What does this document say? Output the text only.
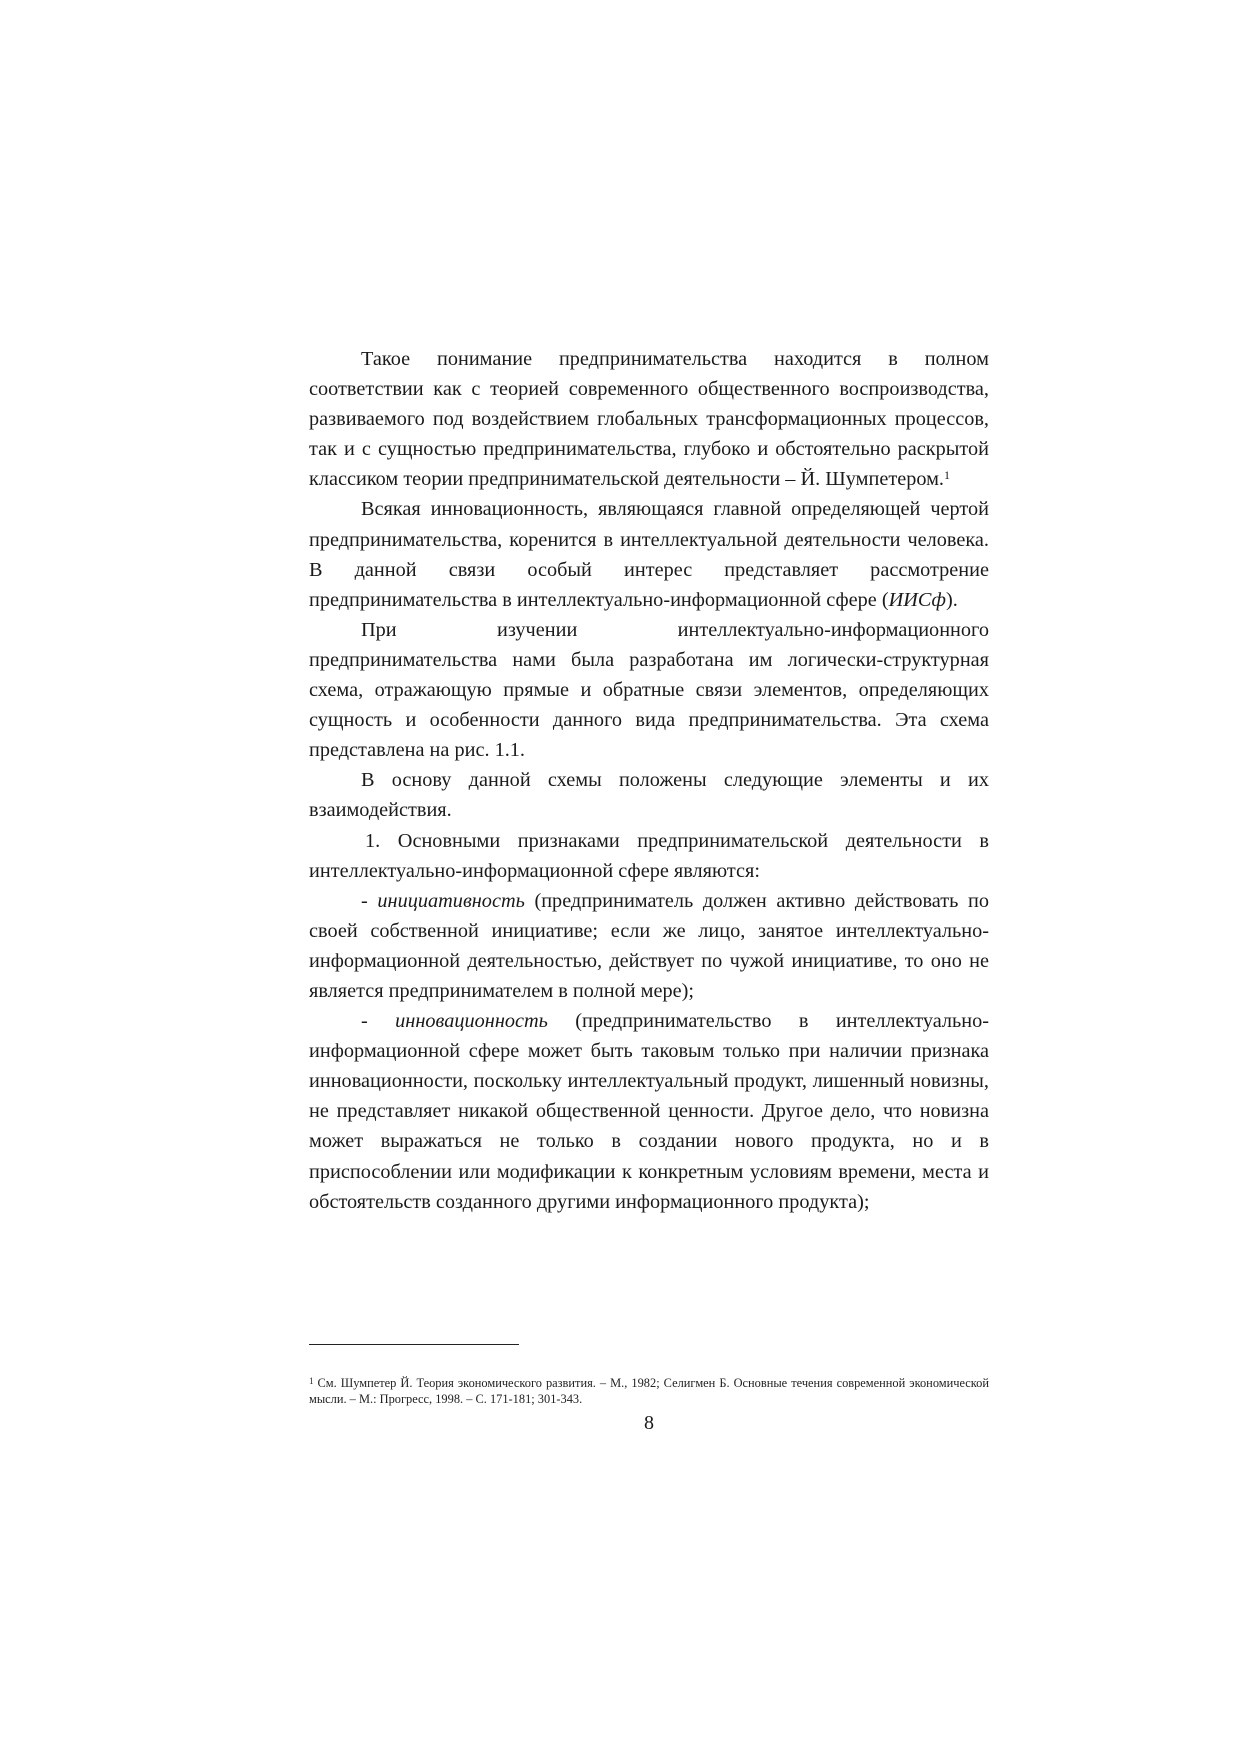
Такое понимание предпринимательства находится в полном соответствии как с теорией современного общественного воспроизводства, развиваемого под воздействием глобальных трансформационных процессов, так и с сущностью предпринимательства, глубоко и обстоятельно раскрытой классиком теории предпринимательской деятельности – Й. Шумпетером.$^1$

Всякая инновационность, являющаяся главной определяющей чертой предпринимательства, коренится в интеллектуальной деятельности человека. В данной связи особый интерес представляет рассмотрение предпринимательства в интеллектуально-информационной сфере (ИИСф).

При изучении интеллектуально-информационного предпринимательства нами была разработана им логически-структурная схема, отражающую прямые и обратные связи элементов, определяющих сущность и особенности данного вида предпринимательства. Эта схема представлена на рис. 1.1.

В основу данной схемы положены следующие элементы и их взаимодействия.

1. Основными признаками предпринимательской деятельности в интеллектуально-информационной сфере являются:

- инициативность (предприниматель должен активно действовать по своей собственной инициативе; если же лицо, занятое интеллектуально-информационной деятельностью, действует по чужой инициативе, то оно не является предпринимателем в полной мере);

- инновационность (предпринимательство в интеллектуально-информационной сфере может быть таковым только при наличии признака инновационности, поскольку интеллектуальный продукт, лишенный новизны, не представляет никакой общественной ценности. Другое дело, что новизна может выражаться не только в создании нового продукта, но и в приспособлении или модификации к конкретным условиям времени, места и обстоятельств созданного другими информационного продукта);

$^1$ См. Шумпетер Й. Теория экономического развития. – М., 1982; Селигмен Б. Основные течения современной экономической мысли. – М.: Прогресс, 1998. – С. 171-181; 301-343.
8
